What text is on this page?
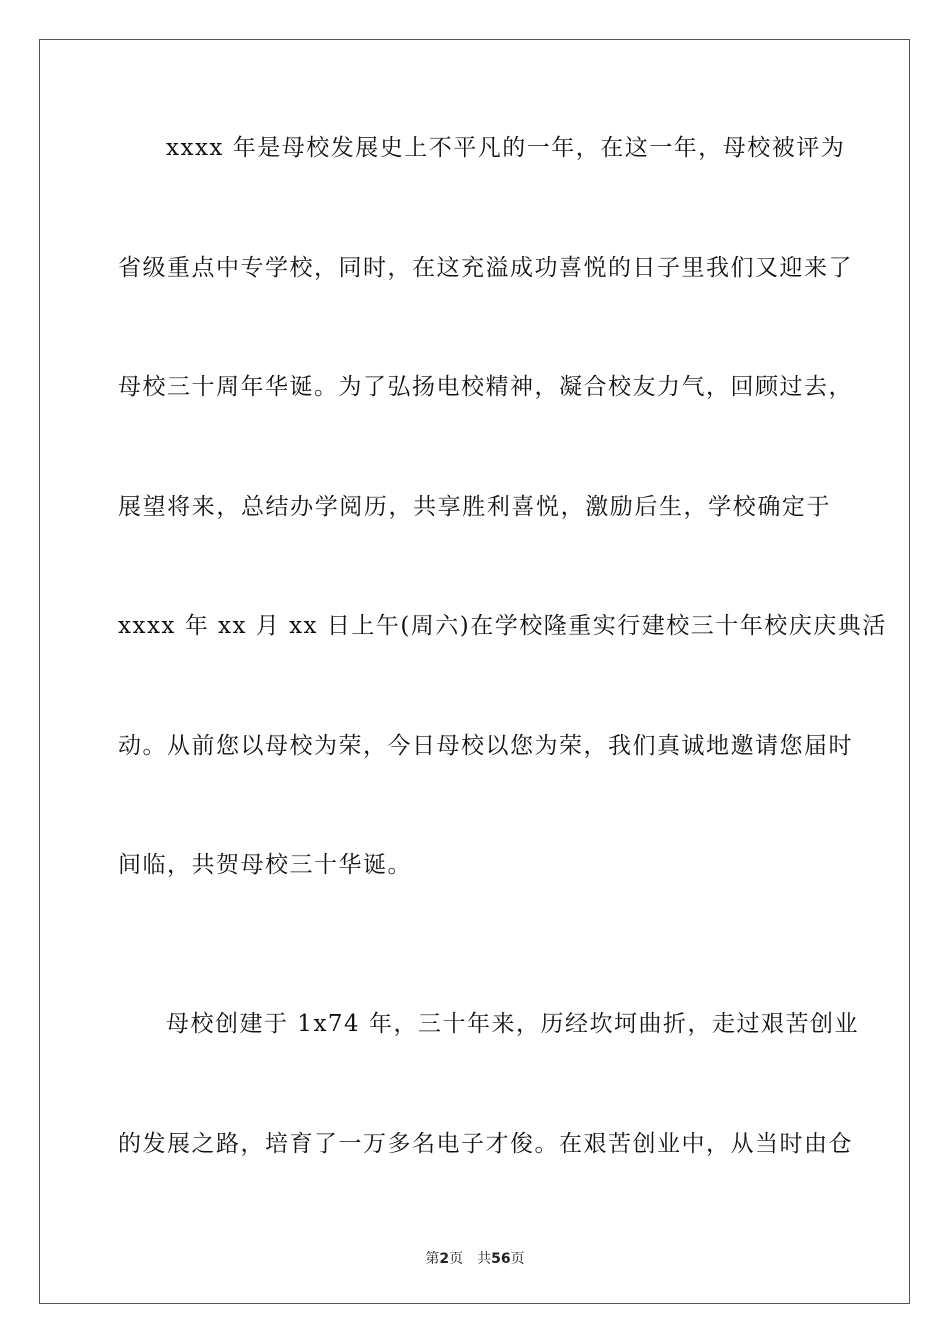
xxxx 年是母校发展史上不平凡的一年，在这一年，母校被评为
省级重点中专学校，同时，在这充溢成功喜悦的日子里我们又迎来了
母校三十周年华诞。为了弘扬电校精神，凝合校友力气，回顾过去，
展望将来，总结办学阅历，共享胜利喜悦，激励后生，学校确定于
xxxx 年 xx 月 xx 日上午(周六)在学校隆重实行建校三十年校庆庆典活
动。从前您以母校为荣，今日母校以您为荣，我们真诚地邀请您届时
间临，共贺母校三十华诞。
母校创建于 1x74 年，三十年来，历经坎坷曲折，走过艰苦创业
的发展之路，培育了一万多名电子才俊。在艰苦创业中，从当时由仓
第2页 共56页
